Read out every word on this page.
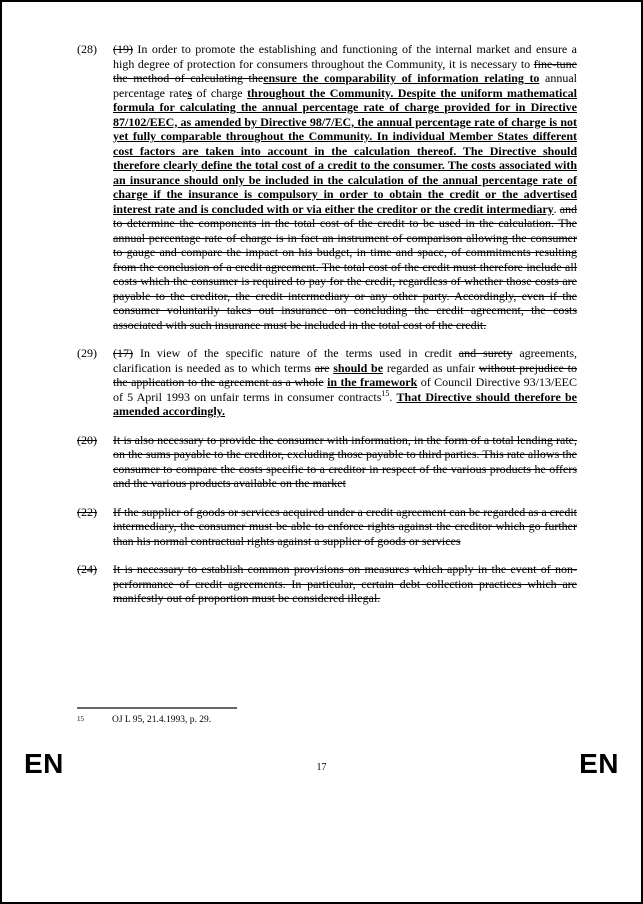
(28)	(19) In order to promote the establishing and functioning of the internal market and ensure a high degree of protection for consumers throughout the Community, it is necessary to fine-tune the method of calculating theensure the comparability of information relating to annual percentage rates of charge throughout the Community. Despite the uniform mathematical formula for calculating the annual percentage rate of charge provided for in Directive 87/102/EEC, as amended by Directive 98/7/EC, the annual percentage rate of charge is not yet fully comparable throughout the Community. In individual Member States different cost factors are taken into account in the calculation thereof. The Directive should therefore clearly define the total cost of a credit to the consumer. The costs associated with an insurance should only be included in the calculation of the annual percentage rate of charge if the insurance is compulsory in order to obtain the credit or the advertised interest rate and is concluded with or via either the creditor or the credit intermediary. and to determine the components in the total cost of the credit to be used in the calculation. The annual percentage rate of charge is in fact an instrument of comparison allowing the consumer to gauge and compare the impact on his budget, in time and space, of commitments resulting from the conclusion of a credit agreement. The total cost of the credit must therefore include all costs which the consumer is required to pay for the credit, regardless of whether those costs are payable to the creditor, the credit intermediary or any other party. Accordingly, even if the consumer voluntarily takes out insurance on concluding the credit agreement, the costs associated with such insurance must be included in the total cost of the credit.
(29)	(17) In view of the specific nature of the terms used in credit and surety agreements, clarification is needed as to which terms are should be regarded as unfair without prejudice to the application to the agreement as a whole in the framework of Council Directive 93/13/EEC of 5 April 1993 on unfair terms in consumer contracts$^{15}$. That Directive should therefore be amended accordingly.
(20)	It is also necessary to provide the consumer with information, in the form of a total lending rate, on the sums payable to the creditor, excluding those payable to third parties. This rate allows the consumer to compare the costs specific to a creditor in respect of the various products he offers and the various products available on the market
(22)	If the supplier of goods or services acquired under a credit agreement can be regarded as a credit intermediary, the consumer must be able to enforce rights against the creditor which go further than his normal contractual rights against a supplier of goods or services
(24)	It is necessary to establish common provisions on measures which apply in the event of non-performance of credit agreements. In particular, certain debt collection practices which are manifestly out of proportion must be considered illegal.
15	OJ L 95, 21.4.1993, p. 29.
EN	17	EN
